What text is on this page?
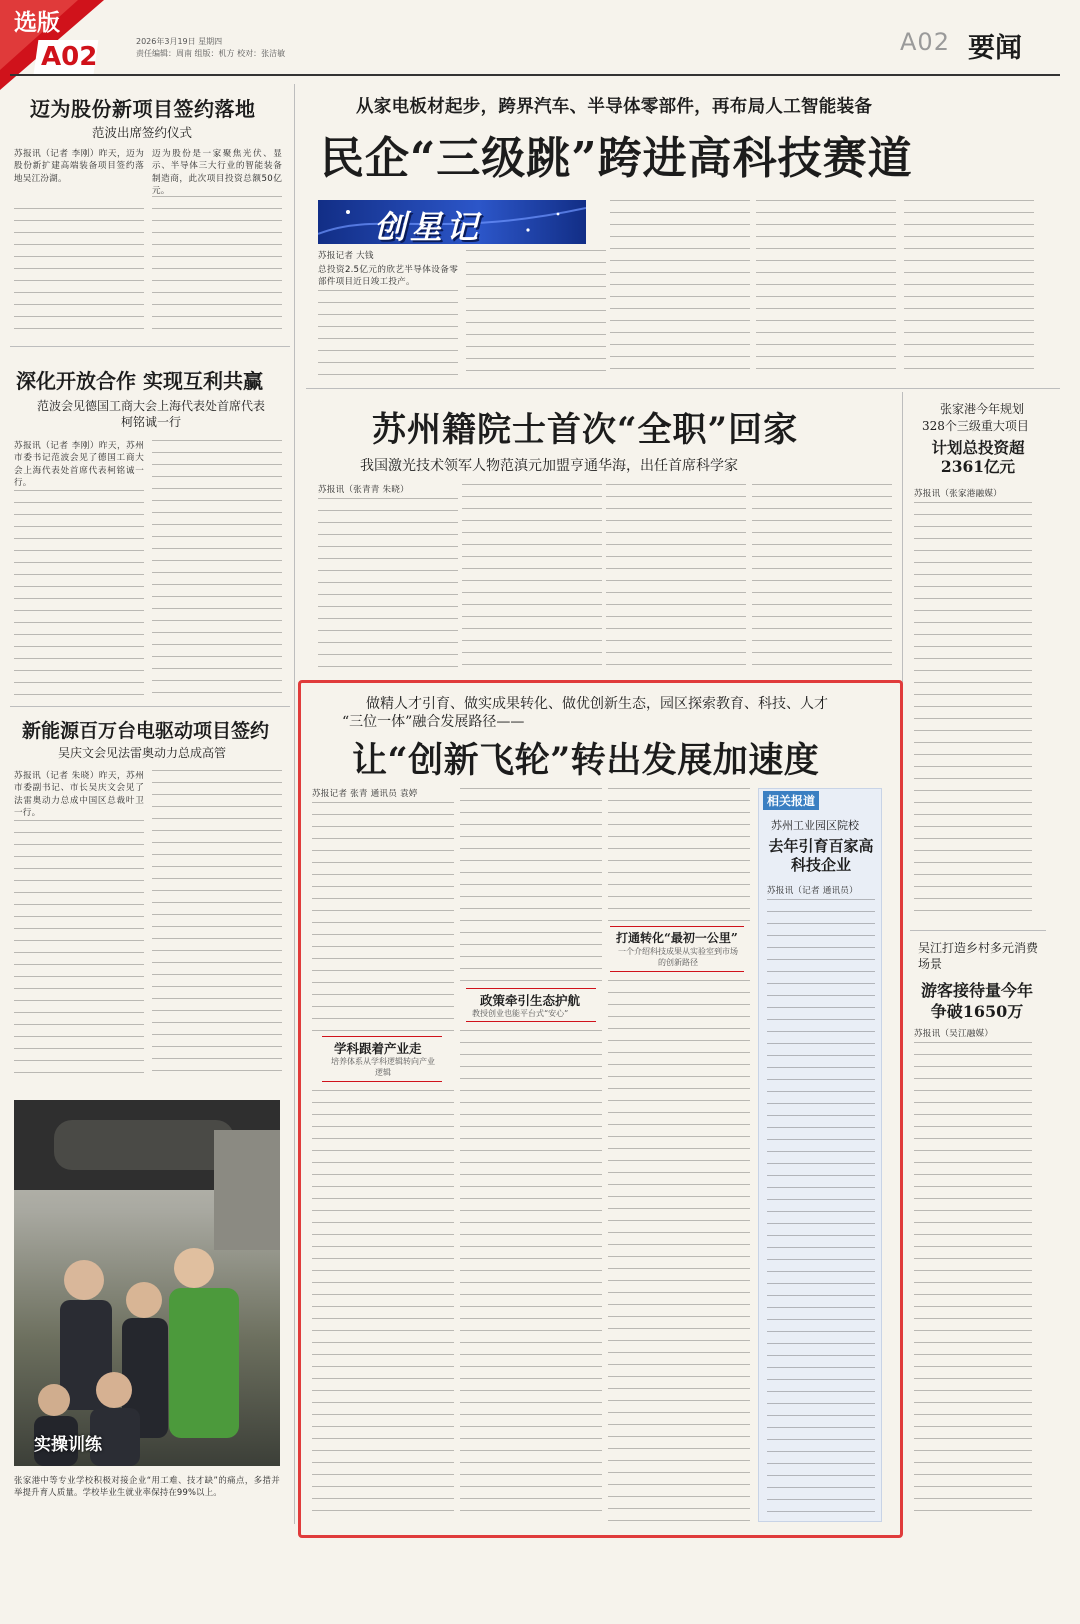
选版
A02
2026年3月19日 星期四
责任编辑：周南 组版：机方 校对：张洁敏	A02 要闻
迈为股份新项目签约落地
范波出席签约仪式
苏报讯（记者 李刚）昨天，迈为股份新扩建高端装备项目签约落地吴江汾湖。
迈为股份是一家聚焦光伏、显示、半导体三大行业的智能装备制造商，此次项目投资总额50亿元。
深化开放合作 实现互利共赢
范波会见德国工商大会上海代表处首席代表柯铭诚一行
苏报讯（记者 李刚）昨天，苏州市委书记范波会见了德国工商大会上海代表处首席代表柯铭诚一行。
新能源百万台电驱动项目签约
吴庆文会见法雷奥动力总成高管
苏报讯（记者 朱晓）昨天，苏州市委副书记、市长吴庆文会见了法雷奥动力总成中国区总裁叶卫一行。
实操训练
张家港中等专业学校积极对接企业“用工难、技才缺”的痛点，多措并举提升育人质量。学校毕业生就业率保持在99%以上。
从家电板材起步，跨界汽车、半导体零部件，再布局人工智能装备
民企“三级跳”跨进高科技赛道
创星记
苏报记者 大钱
总投资2.5亿元的欣艺半导体设备零部件项目近日竣工投产。
苏州籍院士首次“全职”回家
我国激光技术领军人物范滇元加盟亨通华海，出任首席科学家
苏报讯（张青青 朱晓）
张家港今年规划
328个三级重大项目
计划总投资超2361亿元
苏报讯（张家港融媒）
吴江打造乡村多元消费场景
游客接待量今年争破1650万
苏报讯（吴江融媒）
做精人才引育、做实成果转化、做优创新生态，园区探索教育、科技、人才
“三位一体”融合发展路径——
让“创新飞轮”转出发展加速度
苏报记者 张青 通讯员 袁婷
政策牵引生态护航
教授创业也能平台式“安心”
学科跟着产业走
培养体系从学科逻辑转向产业逻辑
打通转化“最初一公里”
一个介绍科技成果从实验室到市场的创新路径
相关报道
苏州工业园区院校
去年引育百家高科技企业
苏报讯（记者 通讯员）
